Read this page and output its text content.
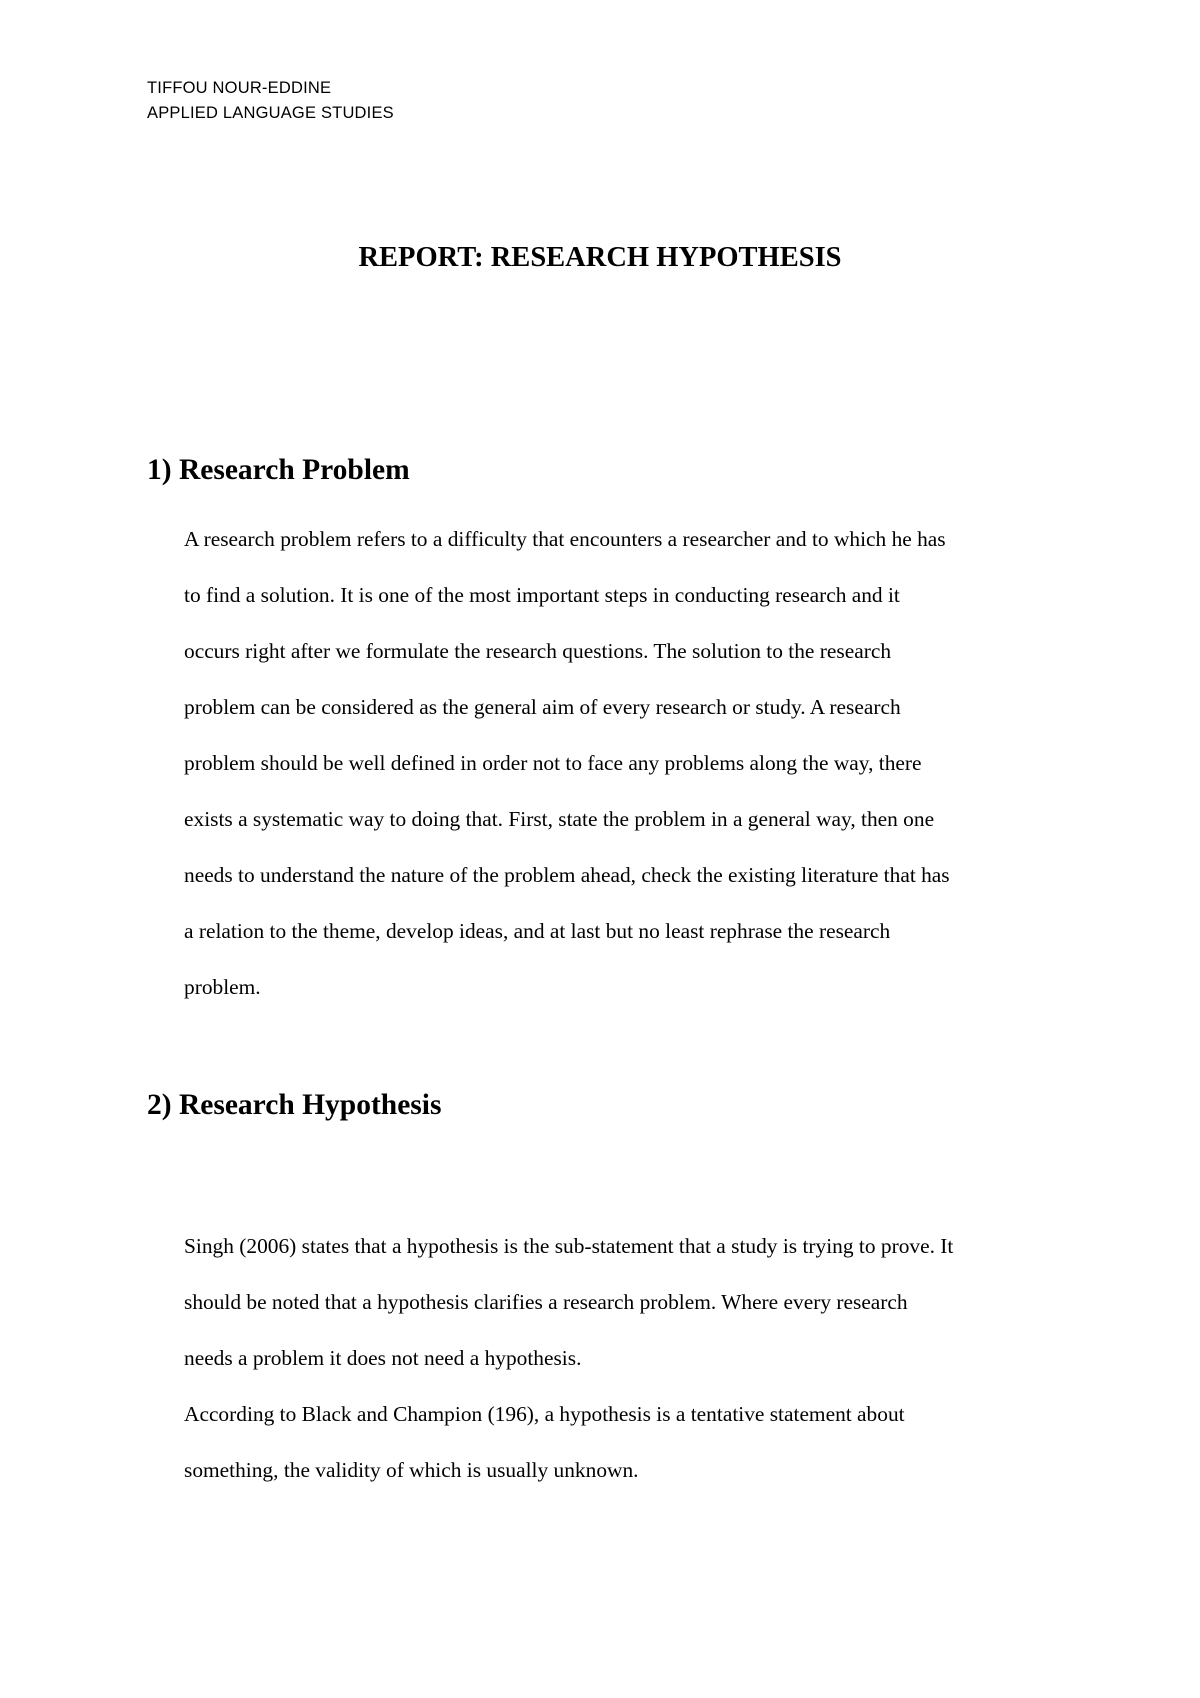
TIFFOU NOUR-EDDINE
APPLIED LANGUAGE STUDIES
REPORT: RESEARCH HYPOTHESIS
1) Research Problem
A research problem refers to a difficulty that encounters a researcher and to which he has
to find a solution. It is one of the most important steps in conducting research and it
occurs right after we formulate the research questions. The solution to the research
problem can be considered as the general aim of every research or study. A research
problem should be well defined in order not to face any problems along the way, there
exists a systematic way to doing that. First, state the problem in a general way, then one
needs to understand the nature of the problem ahead, check the existing literature that has
a relation to the theme, develop ideas, and at last but no least rephrase the research
problem.
2) Research Hypothesis
Singh (2006) states that a hypothesis is the sub-statement that a study is trying to prove. It
should be noted that a hypothesis clarifies a research problem. Where every research
needs a problem it does not need a hypothesis.
According to Black and Champion (196), a hypothesis is a tentative statement about
something, the validity of which is usually unknown.
